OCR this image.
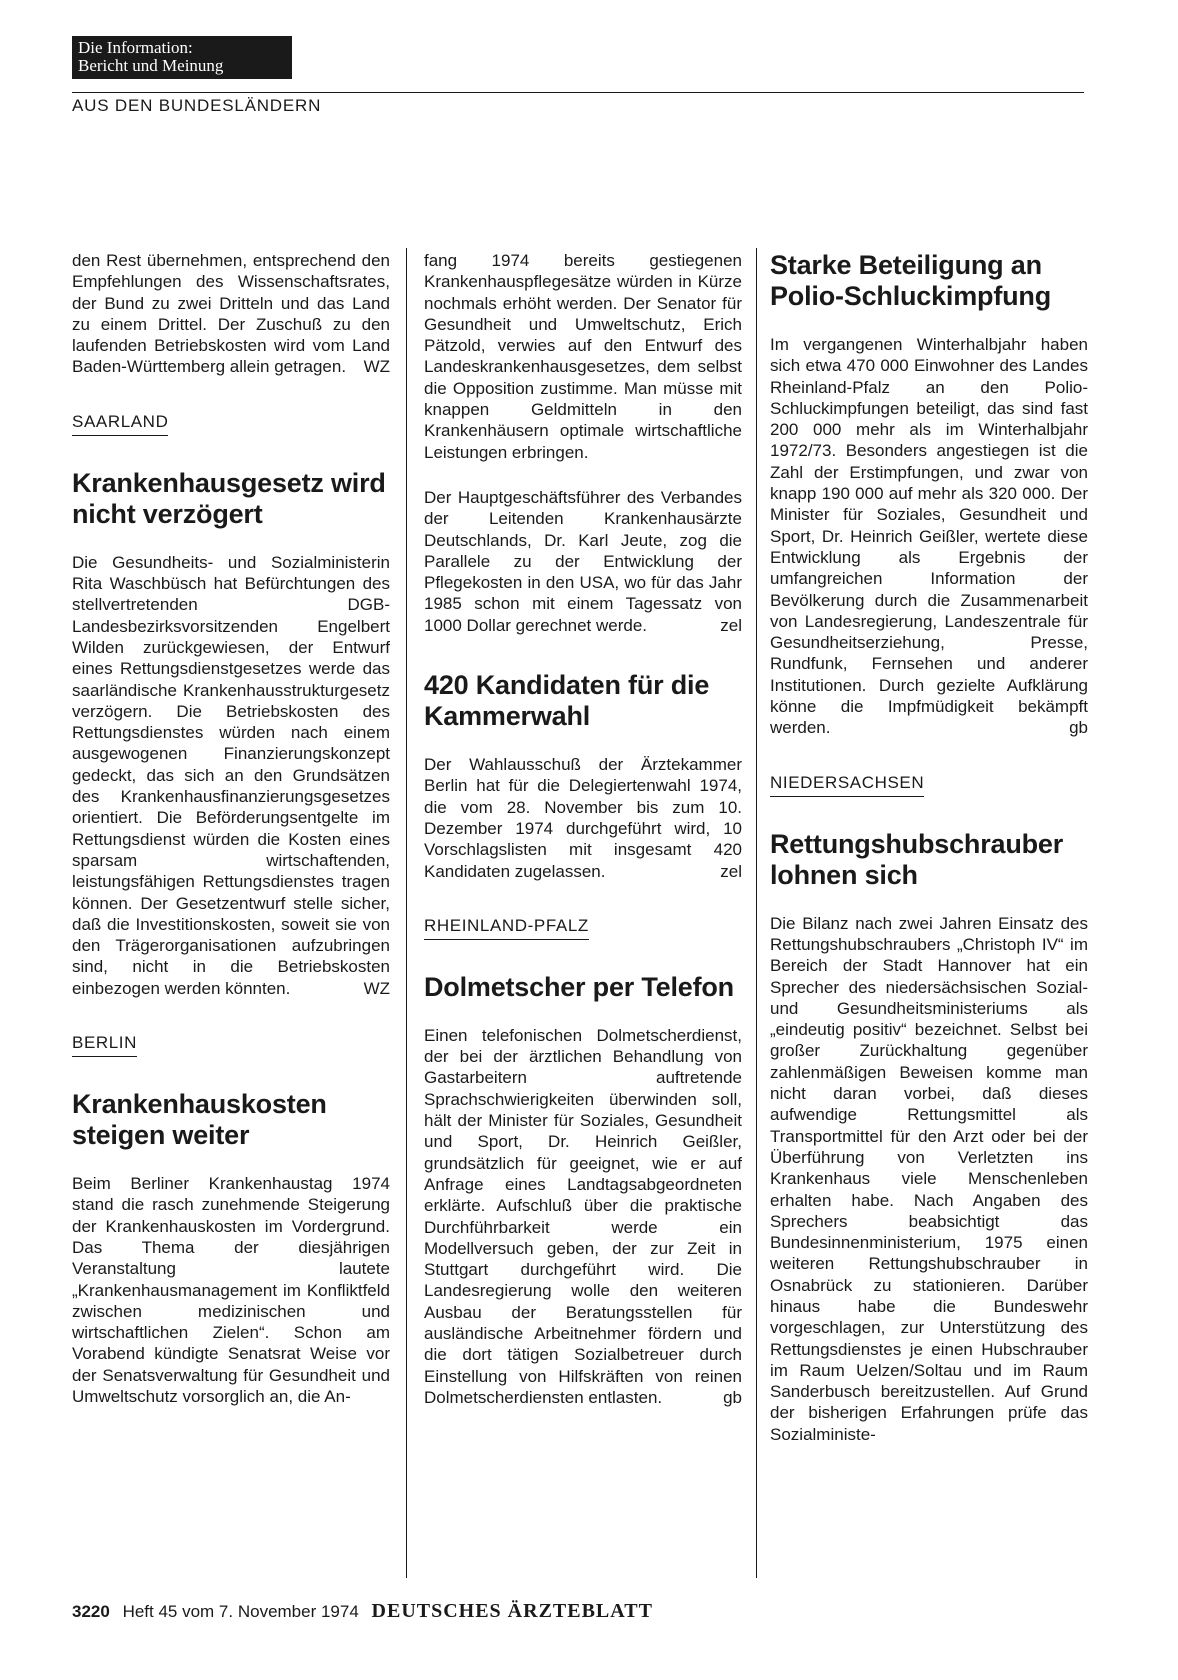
Die Information:
Bericht und Meinung
AUS DEN BUNDESLÄNDERN

den Rest übernehmen, entsprechend den Empfehlungen des Wissenschaftsrates, der Bund zu zwei Dritteln und das Land zu einem Drittel. Der Zuschuß zu den laufenden Betriebskosten wird vom Land Baden-Württemberg allein getragen. WZ

SAARLAND
Krankenhausgesetz wird nicht verzögert

Die Gesundheits- und Sozialministerin Rita Waschbüsch hat Befürchtungen des stellvertretenden DGB-Landesbezirksvorsitzenden Engelbert Wilden zurückgewiesen, der Entwurf eines Rettungsdienstgesetzes werde das saarländische Krankenhausstrukturgesetz verzögern. Die Betriebskosten des Rettungsdienstes würden nach einem ausgewogenen Finanzierungskonzept gedeckt, das sich an den Grundsätzen des Krankenhausfinanzierungsgesetzes orientiert. Die Beförderungsentgelte im Rettungsdienst würden die Kosten eines sparsam wirtschaftenden, leistungsfähigen Rettungsdienstes tragen können. Der Gesetzentwurf stelle sicher, daß die Investitionskosten, soweit sie von den Trägerorganisationen aufzubringen sind, nicht in die Betriebskosten einbezogen werden könnten.	WZ

BERLIN
Krankenhauskosten steigen weiter

Beim Berliner Krankenhaustag 1974 stand die rasch zunehmende Steigerung der Krankenhauskosten im Vordergrund. Das Thema der diesjährigen Veranstaltung lautete „Krankenhausmanagement im Konfliktfeld zwischen medizinischen und wirtschaftlichen Zielen“. Schon am Vorabend kündigte Senatsrat Weise vor der Senatsverwaltung für Gesundheit und Umweltschutz vorsorglich an, die An-

fang 1974 bereits gestiegenen Krankenhauspflegesätze würden in Kürze nochmals erhöht werden. Der Senator für Gesundheit und Umweltschutz, Erich Pätzold, verwies auf den Entwurf des Landeskrankenhausgesetzes, dem selbst die Opposition zustimme. Man müsse mit knappen Geldmitteln in den Krankenhäusern optimale wirtschaftliche Leistungen erbringen.

Der Hauptgeschäftsführer des Verbandes der Leitenden Krankenhausärzte Deutschlands, Dr. Karl Jeute, zog die Parallele zu der Entwicklung der Pflegekosten in den USA, wo für das Jahr 1985 schon mit einem Tagessatz von 1000 Dollar gerechnet werde.	zel

420 Kandidaten für die Kammerwahl

Der Wahlausschuß der Ärztekammer Berlin hat für die Delegiertenwahl 1974, die vom 28. November bis zum 10. Dezember 1974 durchgeführt wird, 10 Vorschlagslisten mit insgesamt 420 Kandidaten zugelassen.	zel

RHEINLAND-PFALZ
Dolmetscher per Telefon

Einen telefonischen Dolmetscherdienst, der bei der ärztlichen Behandlung von Gastarbeitern auftretende Sprachschwierigkeiten überwinden soll, hält der Minister für Soziales, Gesundheit und Sport, Dr. Heinrich Geißler, grundsätzlich für geeignet, wie er auf Anfrage eines Landtagsabgeordneten erklärte. Aufschluß über die praktische Durchführbarkeit werde ein Modellversuch geben, der zur Zeit in Stuttgart durchgeführt wird. Die Landesregierung wolle den weiteren Ausbau der Beratungsstellen für ausländische Arbeitnehmer fördern und die dort tätigen Sozialbetreuer durch Einstellung von Hilfskräften von reinen Dolmetscherdiensten entlasten.	gb

Starke Beteiligung an Polio-Schluckimpfung

Im vergangenen Winterhalbjahr haben sich etwa 470 000 Einwohner des Landes Rheinland-Pfalz an den Polio-Schluckimpfungen beteiligt, das sind fast 200 000 mehr als im Winterhalbjahr 1972/73. Besonders angestiegen ist die Zahl der Erstimpfungen, und zwar von knapp 190 000 auf mehr als 320 000. Der Minister für Soziales, Gesundheit und Sport, Dr. Heinrich Geißler, wertete diese Entwicklung als Ergebnis der umfangreichen Information der Bevölkerung durch die Zusammenarbeit von Landesregierung, Landeszentrale für Gesundheitserziehung, Presse, Rundfunk, Fernsehen und anderer Institutionen. Durch gezielte Aufklärung könne die Impfmüdigkeit bekämpft werden.	gb

NIEDERSACHSEN
Rettungshubschrauber lohnen sich

Die Bilanz nach zwei Jahren Einsatz des Rettungshubschraubers „Christoph IV“ im Bereich der Stadt Hannover hat ein Sprecher des niedersächsischen Sozial- und Gesundheitsministeriums als „eindeutig positiv“ bezeichnet. Selbst bei großer Zurückhaltung gegenüber zahlenmäßigen Beweisen komme man nicht daran vorbei, daß dieses aufwendige Rettungsmittel als Transportmittel für den Arzt oder bei der Überführung von Verletzten ins Krankenhaus viele Menschenleben erhalten habe. Nach Angaben des Sprechers beabsichtigt das Bundesinnenministerium, 1975 einen weiteren Rettungshubschrauber in Osnabrück zu stationieren. Darüber hinaus habe die Bundeswehr vorgeschlagen, zur Unterstützung des Rettungsdienstes je einen Hubschrauber im Raum Uelzen/Soltau und im Raum Sanderbusch bereitzustellen. Auf Grund der bisherigen Erfahrungen prüfe das Sozialministe-

3220 Heft 45 vom 7. November 1974 DEUTSCHES ÄRZTEBLATT
